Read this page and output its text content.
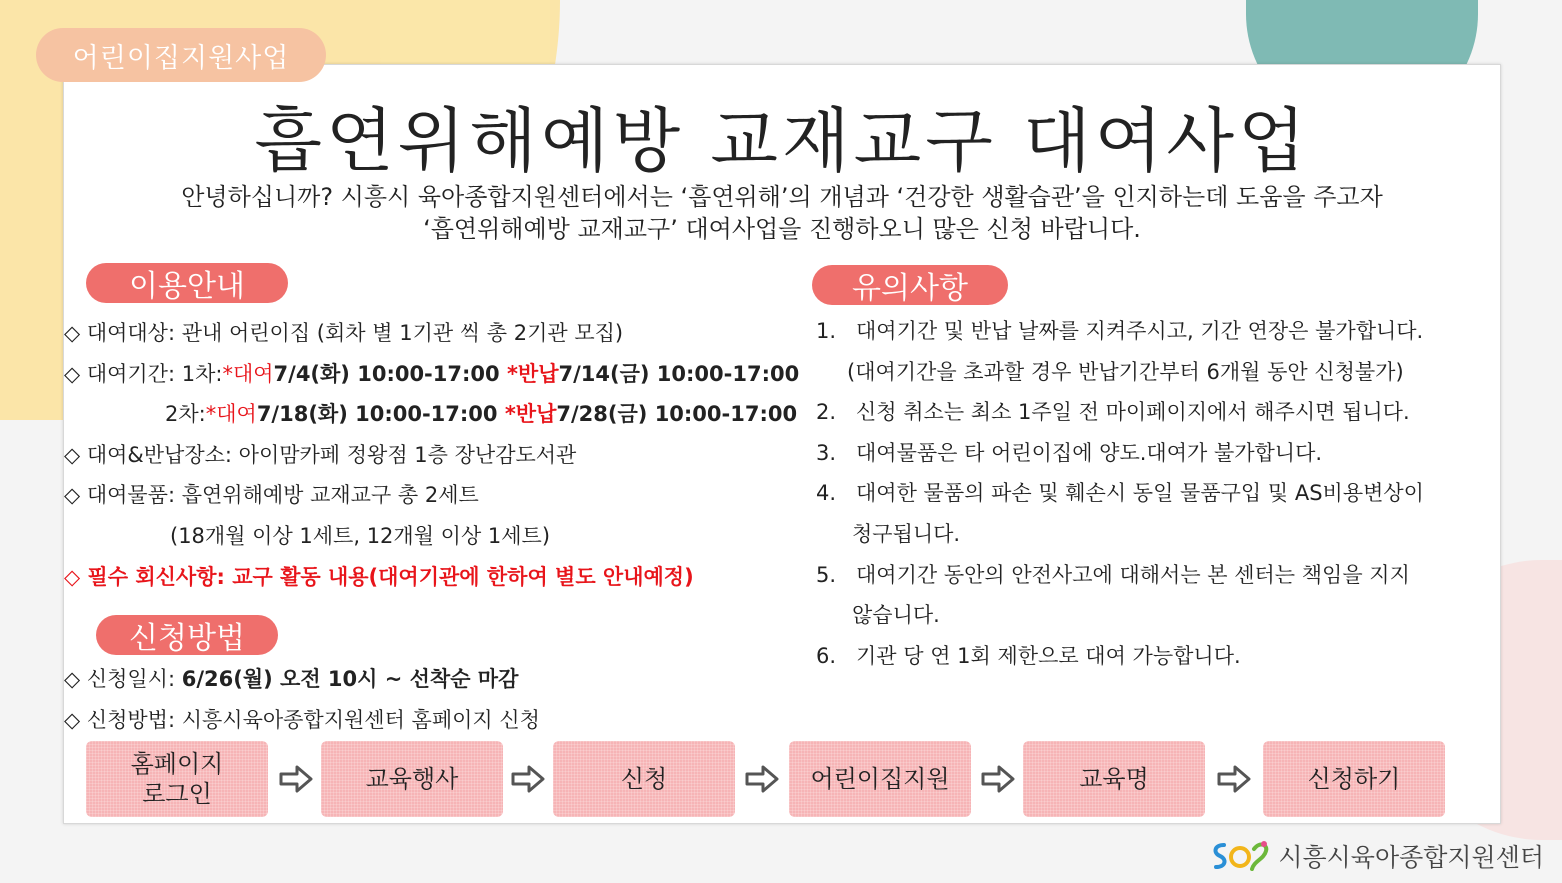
어린이집지원사업
흡연위해예방 교재교구 대여사업
안녕하십니까? 시흥시 육아종합지원센터에서는 ‘흡연위해’의 개념과 ‘건강한 생활습관’을 인지하는데 도움을 주고자
‘흡연위해예방 교재교구’ 대여사업을 진행하오니 많은 신청 바랍니다.
이용안내
◇ 대여대상: 관내 어린이집 (회차 별 1기관 씩 총 2기관 모집)
◇ 대여기간: 1차:*대여7/4(화) 10:00-17:00 *반납7/14(금) 10:00-17:00
2차:*대여7/18(화) 10:00-17:00 *반납7/28(금) 10:00-17:00
◇ 대여&반납장소: 아이맘카페 정왕점 1층 장난감도서관
◇ 대여물품: 흡연위해예방 교재교구 총 2세트
(18개월 이상 1세트, 12개월 이상 1세트)
◇ 필수 회신사항: 교구 활동 내용(대여기관에 한하여 별도 안내예정)
신청방법
◇ 신청일시: 6/26(월) 오전 10시 ~ 선착순 마감
◇ 신청방법: 시흥시육아종합지원센터 홈페이지 신청
유의사항
1. 대여기간 및 반납 날짜를 지켜주시고, 기간 연장은 불가합니다.
(대여기간을 초과할 경우 반납기간부터 6개월 동안 신청불가)
2. 신청 취소는 최소 1주일 전 마이페이지에서 해주시면 됩니다.
3. 대여물품은 타 어린이집에 양도.대여가 불가합니다.
4. 대여한 물품의 파손 및 훼손시 동일 물품구입 및 AS비용변상이
청구됩니다.
5. 대여기간 동안의 안전사고에 대해서는 본 센터는 책임을 지지
않습니다.
6. 기관 당 연 1회 제한으로 대여 가능합니다.
홈페이지
로그인
교육행사	신청	어린이집지원	교육명	신청하기
시흥시육아종합지원센터
